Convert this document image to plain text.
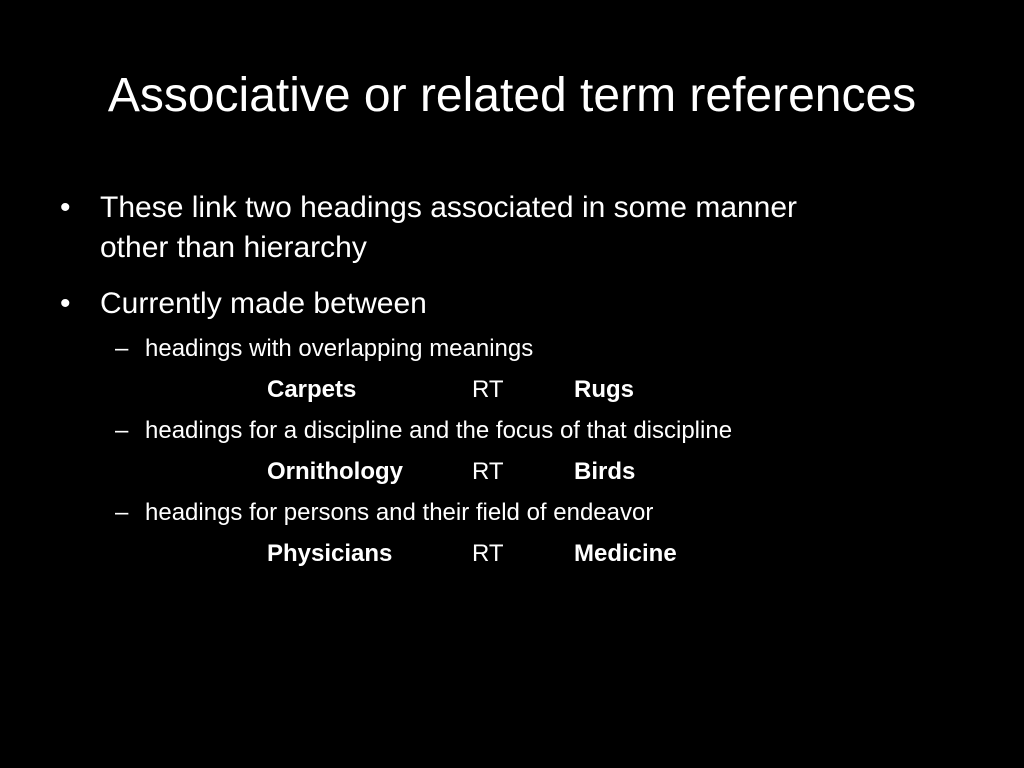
Associative or related term references
• These link two headings associated in some manner
other than hierarchy
• Currently made between
– headings with overlapping meanings
Carpets	RT	Rugs
– headings for a discipline and the focus of that discipline
Ornithology	RT	Birds
– headings for persons and their field of endeavor
Physicians	RT	Medicine
